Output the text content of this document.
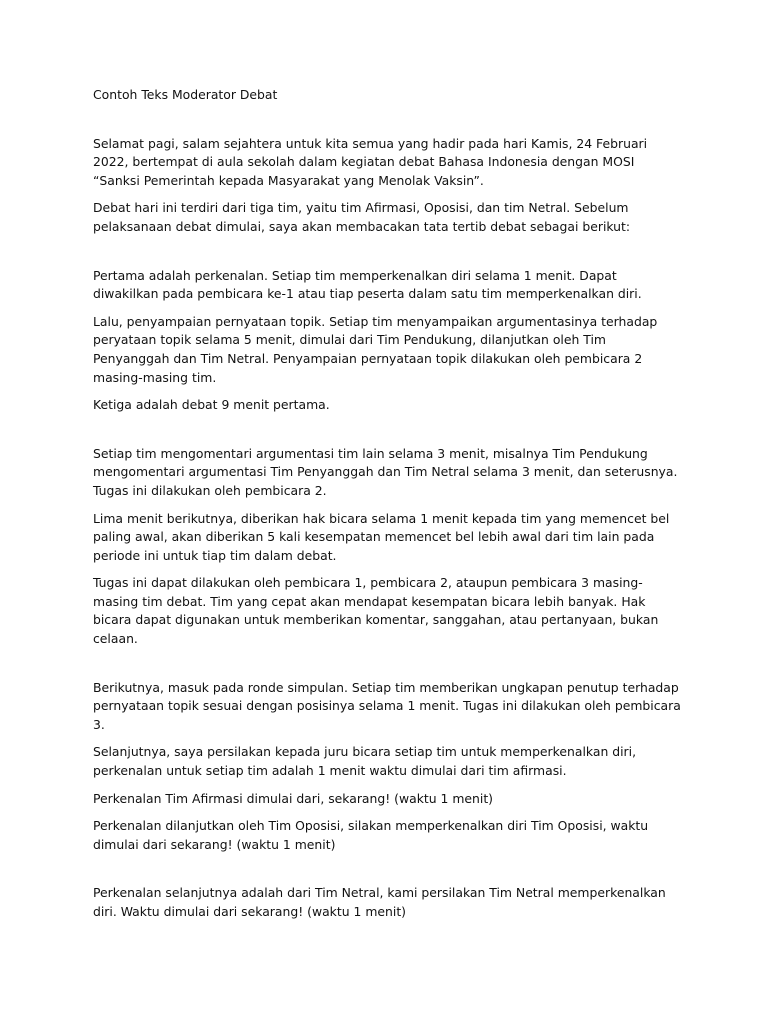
Contoh Teks Moderator Debat

Selamat pagi, salam sejahtera untuk kita semua yang hadir pada hari Kamis, 24 Februari 2022, bertempat di aula sekolah dalam kegiatan debat Bahasa Indonesia dengan MOSI “Sanksi Pemerintah kepada Masyarakat yang Menolak Vaksin”.

Debat hari ini terdiri dari tiga tim, yaitu tim Afirmasi, Oposisi, dan tim Netral. Sebelum pelaksanaan debat dimulai, saya akan membacakan tata tertib debat sebagai berikut:

Pertama adalah perkenalan. Setiap tim memperkenalkan diri selama 1 menit. Dapat diwakilkan pada pembicara ke-1 atau tiap peserta dalam satu tim memperkenalkan diri.

Lalu, penyampaian pernyataan topik. Setiap tim menyampaikan argumentasinya terhadap peryataan topik selama 5 menit, dimulai dari Tim Pendukung, dilanjutkan oleh Tim Penyanggah dan Tim Netral. Penyampaian pernyataan topik dilakukan oleh pembicara 2 masing-masing tim.

Ketiga adalah debat 9 menit pertama.

Setiap tim mengomentari argumentasi tim lain selama 3 menit, misalnya Tim Pendukung mengomentari argumentasi Tim Penyanggah dan Tim Netral selama 3 menit, dan seterusnya. Tugas ini dilakukan oleh pembicara 2.

Lima menit berikutnya, diberikan hak bicara selama 1 menit kepada tim yang memencet bel paling awal, akan diberikan 5 kali kesempatan memencet bel lebih awal dari tim lain pada periode ini untuk tiap tim dalam debat.

Tugas ini dapat dilakukan oleh pembicara 1, pembicara 2, ataupun pembicara 3 masing-masing tim debat. Tim yang cepat akan mendapat kesempatan bicara lebih banyak. Hak bicara dapat digunakan untuk memberikan komentar, sanggahan, atau pertanyaan, bukan celaan.

Berikutnya, masuk pada ronde simpulan. Setiap tim memberikan ungkapan penutup terhadap pernyataan topik sesuai dengan posisinya selama 1 menit. Tugas ini dilakukan oleh pembicara 3.

Selanjutnya, saya persilakan kepada juru bicara setiap tim untuk memperkenalkan diri, perkenalan untuk setiap tim adalah 1 menit waktu dimulai dari tim afirmasi.

Perkenalan Tim Afirmasi dimulai dari, sekarang! (waktu 1 menit)

Perkenalan dilanjutkan oleh Tim Oposisi, silakan memperkenalkan diri Tim Oposisi, waktu dimulai dari sekarang! (waktu 1 menit)

Perkenalan selanjutnya adalah dari Tim Netral, kami persilakan Tim Netral memperkenalkan diri. Waktu dimulai dari sekarang! (waktu 1 menit)
